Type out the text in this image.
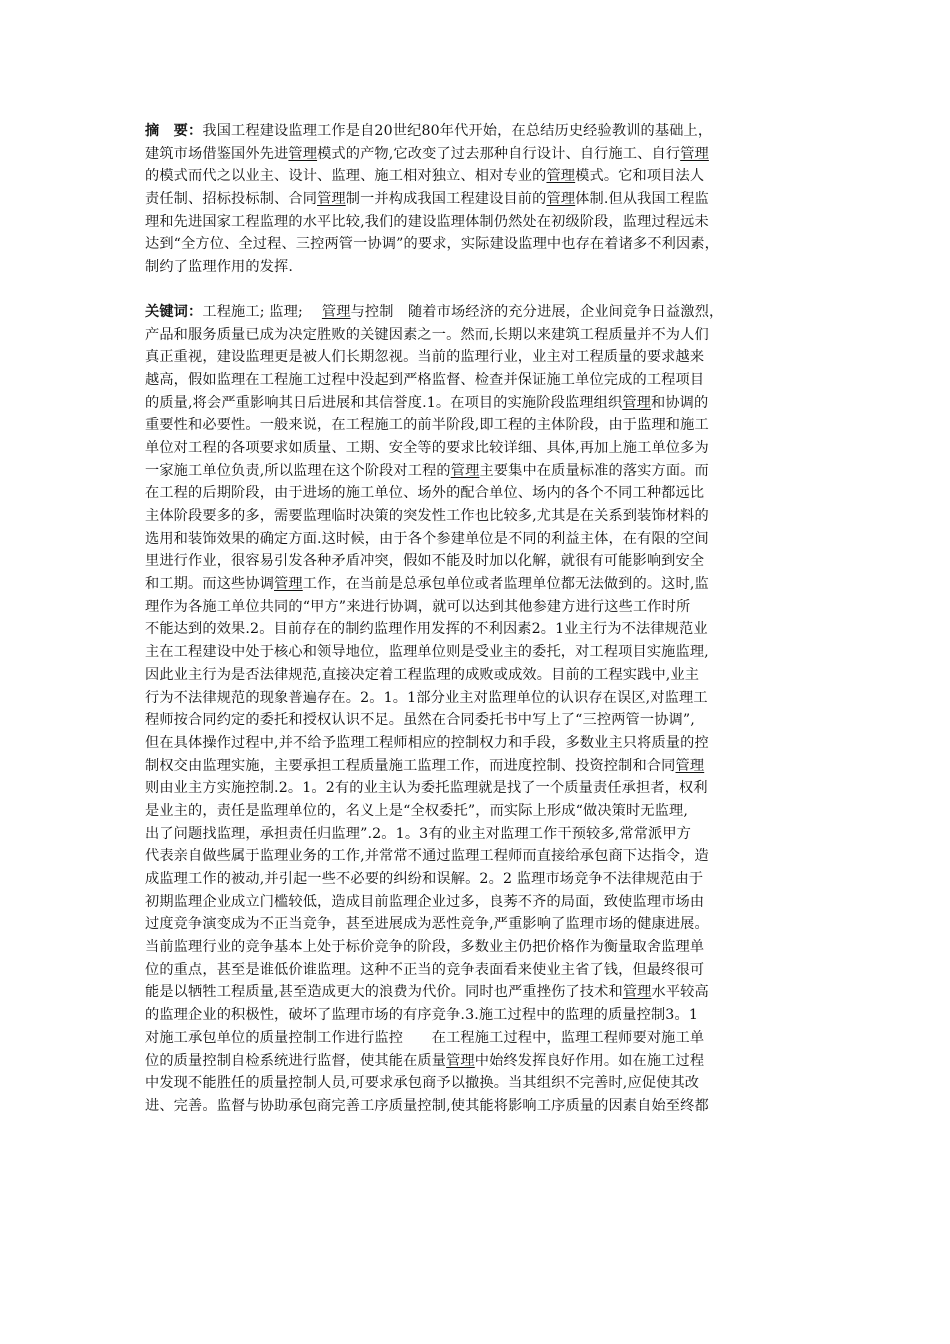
摘　要：我国工程建设监理工作是自20世纪80年代开始，在总结历史经验教训的基础上，
建筑市场借鉴国外先进管理模式的产物,它改变了过去那种自行设计、自行施工、自行管理
的模式而代之以业主、设计、监理、施工相对独立、相对专业的管理模式。它和项目法人
责任制、招标投标制、合同管理制一并构成我国工程建设目前的管理体制.但从我国工程监
理和先进国家工程监理的水平比较,我们的建设监理体制仍然处在初级阶段，监理过程远未
达到“全方位、全过程、三控两管一协调”的要求，实际建设监理中也存在着诸多不利因素，
制约了监理作用的发挥.
关键词：工程施工; 监理;　 管理与控制　随着市场经济的充分进展，企业间竞争日益激烈，
产品和服务质量已成为决定胜败的关键因素之一。然而,长期以来建筑工程质量并不为人们
真正重视，建设监理更是被人们长期忽视。当前的监理行业，业主对工程质量的要求越来
越高，假如监理在工程施工过程中没起到严格监督、检查并保证施工单位完成的工程项目
的质量,将会严重影响其日后进展和其信誉度.1。在项目的实施阶段监理组织管理和协调的
重要性和必要性。一般来说，在工程施工的前半阶段,即工程的主体阶段，由于监理和施工
单位对工程的各项要求如质量、工期、安全等的要求比较详细、具体,再加上施工单位多为
一家施工单位负责,所以监理在这个阶段对工程的管理主要集中在质量标准的落实方面。而
在工程的后期阶段，由于进场的施工单位、场外的配合单位、场内的各个不同工种都远比
主体阶段要多的多，需要监理临时决策的突发性工作也比较多,尤其是在关系到装饰材料的
选用和装饰效果的确定方面.这时候，由于各个参建单位是不同的利益主体，在有限的空间
里进行作业，很容易引发各种矛盾冲突，假如不能及时加以化解，就很有可能影响到安全
和工期。而这些协调管理工作，在当前是总承包单位或者监理单位都无法做到的。这时,监
理作为各施工单位共同的“甲方”来进行协调，就可以达到其他参建方进行这些工作时所
不能达到的效果.2。目前存在的制约监理作用发挥的不利因素2。1业主行为不法律规范业
主在工程建设中处于核心和领导地位，监理单位则是受业主的委托，对工程项目实施监理,
因此业主行为是否法律规范,直接决定着工程监理的成败或成效。目前的工程实践中,业主
行为不法律规范的现象普遍存在。2。1。1部分业主对监理单位的认识存在误区,对监理工
程师按合同约定的委托和授权认识不足。虽然在合同委托书中写上了“三控两管一协调”,
但在具体操作过程中,并不给予监理工程师相应的控制权力和手段，多数业主只将质量的控
制权交由监理实施，主要承担工程质量施工监理工作，而进度控制、投资控制和合同管理
则由业主方实施控制.2。1。2有的业主认为委托监理就是找了一个质量责任承担者，权利
是业主的，责任是监理单位的，名义上是“全权委托”，而实际上形成“做决策时无监理,
出了问题找监理，承担责任归监理”.2。1。3有的业主对监理工作干预较多,常常派甲方
代表亲自做些属于监理业务的工作,并常常不通过监理工程师而直接给承包商下达指令，造
成监理工作的被动,并引起一些不必要的纠纷和误解。2。2 监理市场竞争不法律规范由于
初期监理企业成立门槛较低，造成目前监理企业过多，良莠不齐的局面，致使监理市场由
过度竞争演变成为不正当竞争，甚至进展成为恶性竞争,严重影响了监理市场的健康进展。
当前监理行业的竞争基本上处于标价竞争的阶段，多数业主仍把价格作为衡量取舍监理单
位的重点，甚至是谁低价谁监理。这种不正当的竞争表面看来使业主省了钱，但最终很可
能是以牺牲工程质量,甚至造成更大的浪费为代价。同时也严重挫伤了技术和管理水平较高
的监理企业的积极性，破坏了监理市场的有序竞争.3.施工过程中的监理的质量控制3。1
对施工承包单位的质量控制工作进行监控　　在工程施工过程中，监理工程师要对施工单
位的质量控制自检系统进行监督，使其能在质量管理中始终发挥良好作用。如在施工过程
中发现不能胜任的质量控制人员,可要求承包商予以撤换。当其组织不完善时,应促使其改
进、完善。监督与协助承包商完善工序质量控制,使其能将影响工序质量的因素自始至终都
